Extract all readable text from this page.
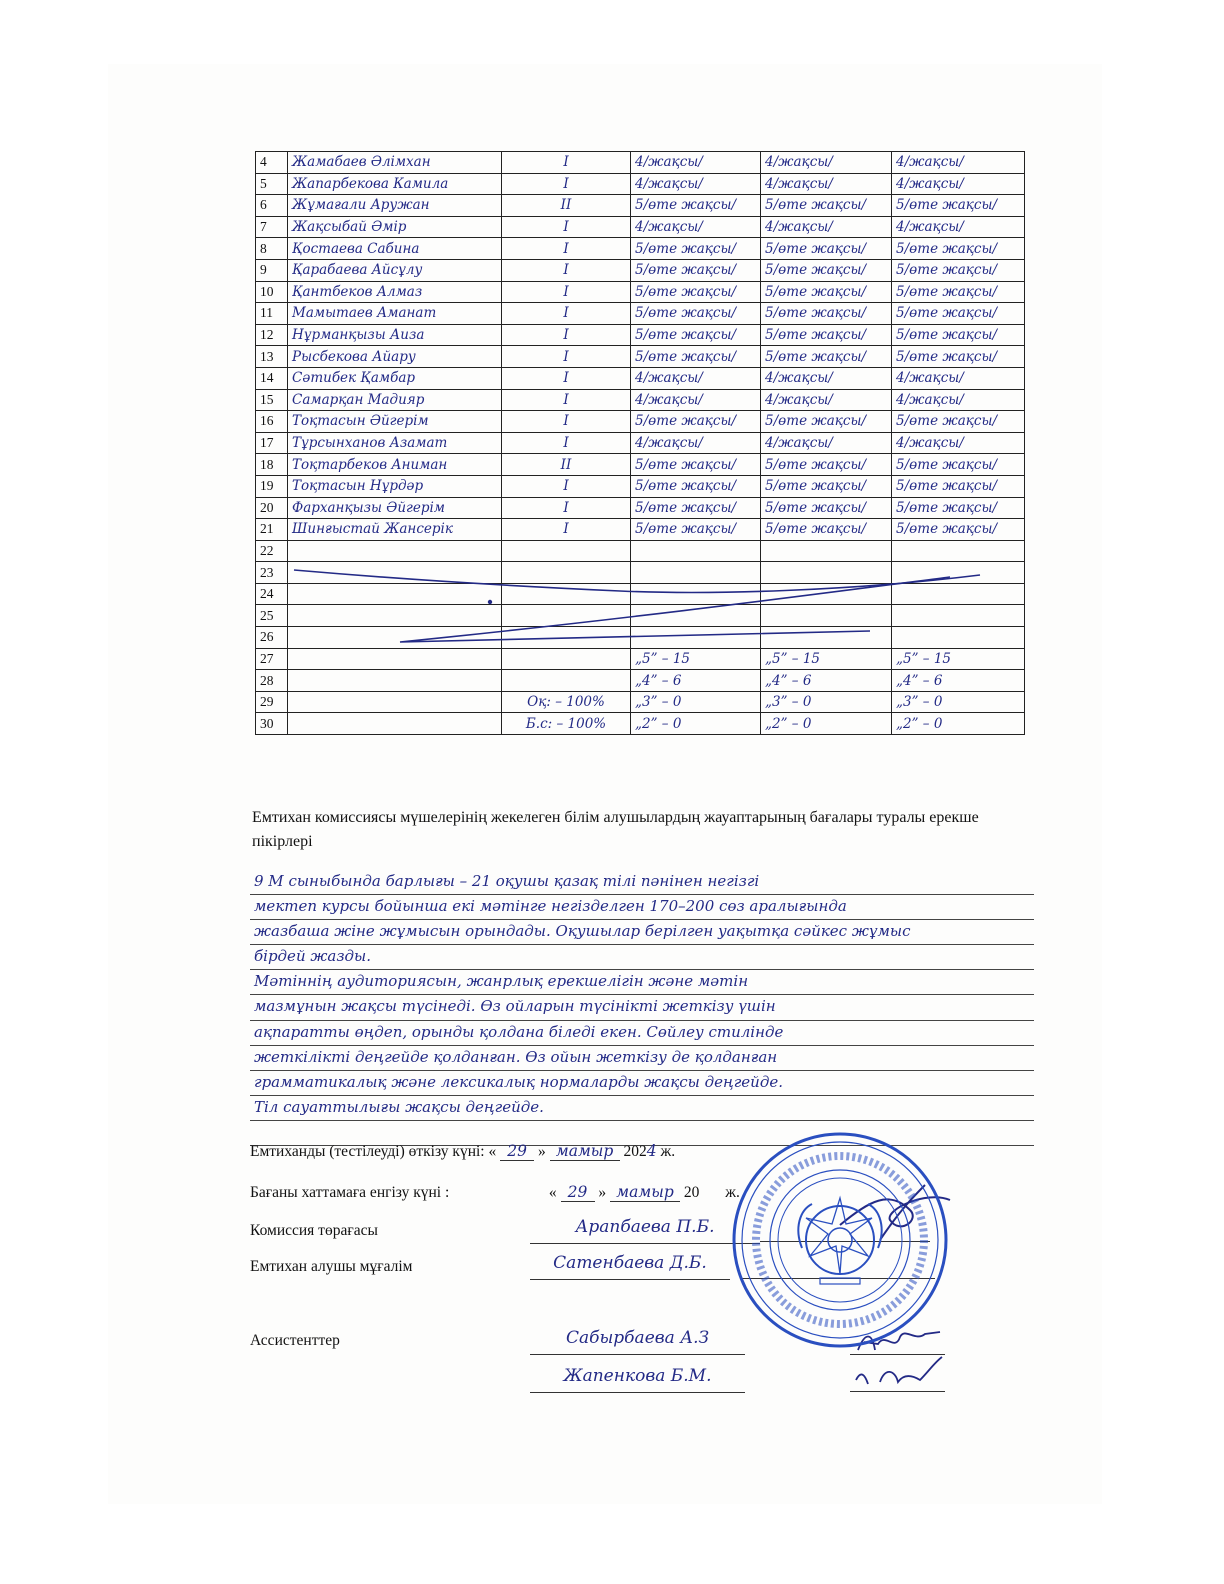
4	Жамабаев Әлімхан	І	4/жақсы/	4/жақсы/	4/жақсы/
5	Жапарбекова Камила	І	4/жақсы/	4/жақсы/	4/жақсы/
6	Жұмағали Аружан	ІІ	5/өте жақсы/	5/өте жақсы/	5/өте жақсы/
7	Жақсыбай Әмір	І	4/жақсы/	4/жақсы/	4/жақсы/
8	Қостаева Сабина	І	5/өте жақсы/	5/өте жақсы/	5/өте жақсы/
9	Қарабаева Айсұлу	І	5/өте жақсы/	5/өте жақсы/	5/өте жақсы/
10	Қантбеков Алмаз	І	5/өте жақсы/	5/өте жақсы/	5/өте жақсы/
11	Мамытаев Аманат	І	5/өте жақсы/	5/өте жақсы/	5/өте жақсы/
12	Нұрманқызы Аиза	І	5/өте жақсы/	5/өте жақсы/	5/өте жақсы/
13	Рысбекова Айару	І	5/өте жақсы/	5/өте жақсы/	5/өте жақсы/
14	Сәтибек Қамбар	І	4/жақсы/	4/жақсы/	4/жақсы/
15	Самарқан Мадияр	І	4/жақсы/	4/жақсы/	4/жақсы/
16	Тоқтасын Әйгерім	І	5/өте жақсы/	5/өте жақсы/	5/өте жақсы/
17	Тұрсынханов Азамат	І	4/жақсы/	4/жақсы/	4/жақсы/
18	Тоқтарбеков Аниман	ІІ	5/өте жақсы/	5/өте жақсы/	5/өте жақсы/
19	Тоқтасын Нұрдәр	І	5/өте жақсы/	5/өте жақсы/	5/өте жақсы/
20	Фарханқызы Әйгерім	І	5/өте жақсы/	5/өте жақсы/	5/өте жақсы/
21	Шинғыстай Жансерік	І	5/өте жақсы/	5/өте жақсы/	5/өте жақсы/
22					
23					
24					
25					
26					
27			„5” – 15	„5” – 15	„5” – 15
28			„4” – 6	„4” – 6	„4” – 6
29		Оқ: – 100%	„3” – 0	„3” – 0	„3” – 0
30		Б.с: – 100%	„2” – 0	„2” – 0	„2” – 0
Емтихан комиссиясы мүшелерінің жекелеген білім алушылардың жауаптарының бағалары туралы ерекше пікірлері
9 М сыныбында барлығы – 21 оқушы қазақ тілі пәнінен негізгі
мектеп курсы бойынша екі мәтінге негізделген 170–200 сөз аралығында
жазбаша жіне жұмысын орындады. Оқушылар берілген уақытқа сәйкес жұмыс
бірдей жазды.
Мәтіннің аудиториясын, жанрлық ерекшелігін және мәтін
мазмұнын жақсы түсінеді. Өз ойларын түсінікті жеткізу үшін
ақпаратты өңдеп, орынды қолдана біледі екен. Сөйлеу стилінде
жеткілікті деңгейде қолданған. Өз ойын жеткізу де қолданған
грамматикалық және лексикалық нормаларды жақсы деңгейде.
Тіл сауаттылығы жақсы деңгейде.
Емтиханды (тестілеуді) өткізу күні: « 29 » мамыр 2024 ж.
Бағаны хаттамаға енгізу күні :	« 29 » мамыр 20 ж.
Комиссия төрағасы	Арапбаева П.Б.
Емтихан алушы мұғалім	Сатенбаева Д.Б.
Ассистенттер	Сабырбаева А.З
Жапенкова Б.М.
